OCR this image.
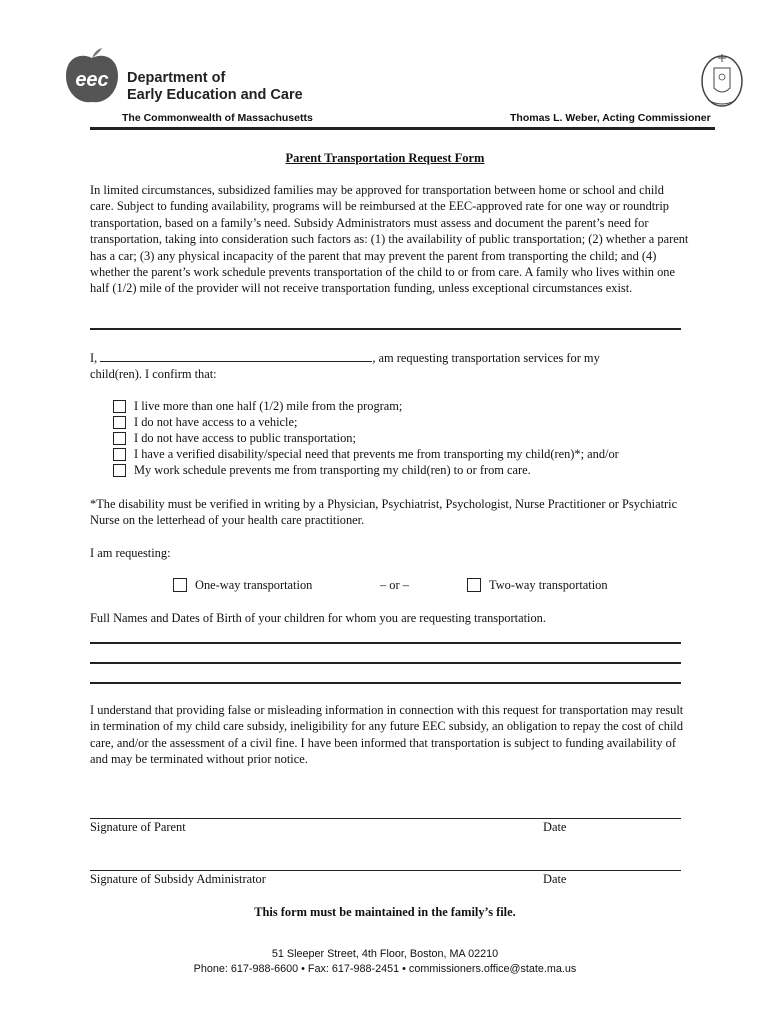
eec Department of
Early Education and Care
The Commonwealth of Massachusetts	Thomas L. Weber, Acting Commissioner
Parent Transportation Request Form
In limited circumstances, subsidized families may be approved for transportation between home or school and child care. Subject to funding availability, programs will be reimbursed at the EEC-approved rate for one way or roundtrip transportation, based on a family’s need. Subsidy Administrators must assess and document the parent’s need for transportation, taking into consideration such factors as: (1) the availability of public transportation; (2) whether a parent has a car; (3) any physical incapacity of the parent that may prevent the parent from transporting the child; and (4) whether the parent’s work schedule prevents transportation of the child to or from care. A family who lives within one half (1/2) mile of the provider will not receive transportation funding, unless exceptional circumstances exist.
I,	, am requesting transportation services for my
child(ren). I confirm that:
I live more than one half (1/2) mile from the program;
I do not have access to a vehicle;
I do not have access to public transportation;
I have a verified disability/special need that prevents me from transporting my child(ren)*; and/or
My work schedule prevents me from transporting my child(ren) to or from care.
*The disability must be verified in writing by a Physician, Psychiatrist, Psychologist, Nurse Practitioner or Psychiatric Nurse on the letterhead of your health care practitioner.
I am requesting:
One-way transportation	– or –	Two-way transportation
Full Names and Dates of Birth of your children for whom you are requesting transportation.
I understand that providing false or misleading information in connection with this request for transportation may result in termination of my child care subsidy, ineligibility for any future EEC subsidy, an obligation to repay the cost of child care, and/or the assessment of a civil fine. I have been informed that transportation is subject to funding availability of and may be terminated without prior notice.
Signature of Parent	Date
Signature of Subsidy Administrator	Date
This form must be maintained in the family’s file.
51 Sleeper Street, 4th Floor, Boston, MA 02210
Phone: 617-988-6600 • Fax: 617-988-2451 • commissioners.office@state.ma.us
